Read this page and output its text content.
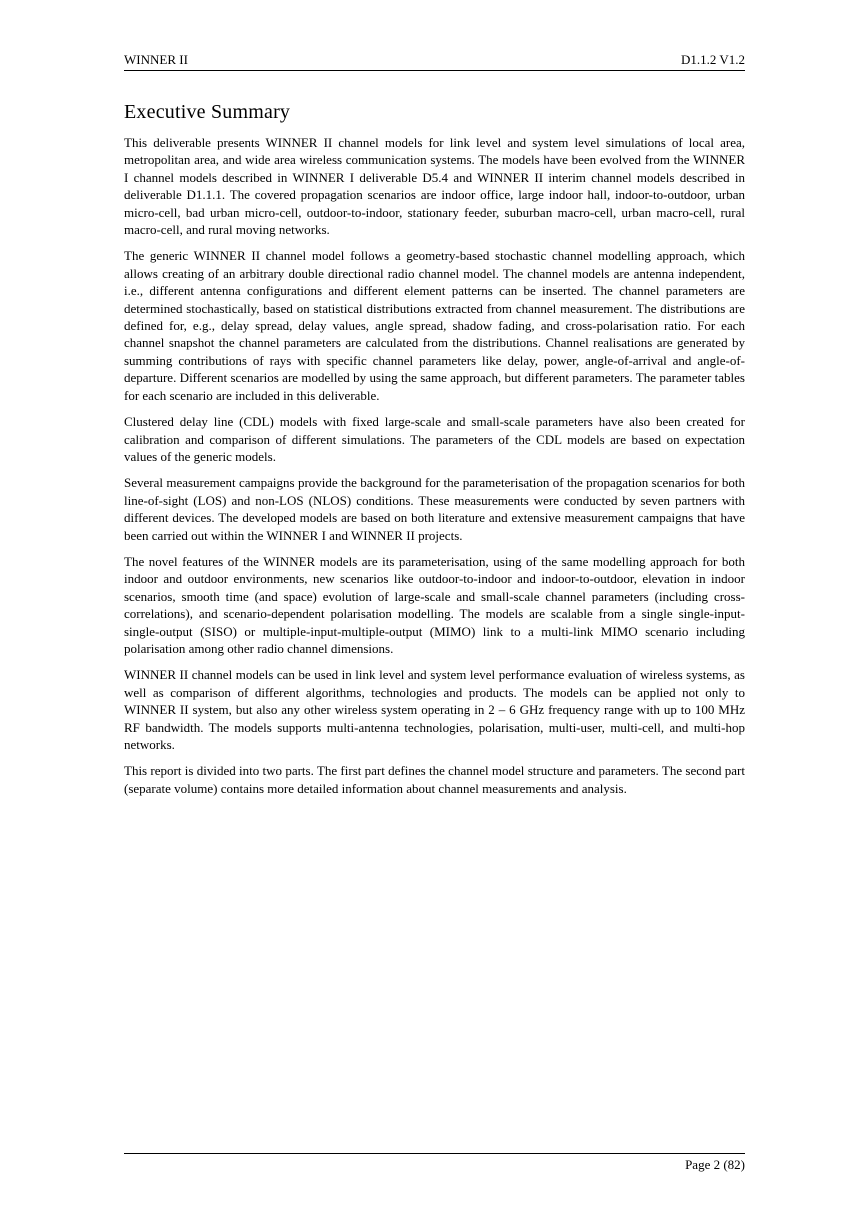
WINNER II	D1.1.2 V1.2
Executive Summary

This deliverable presents WINNER II channel models for link level and system level simulations of local area, metropolitan area, and wide area wireless communication systems. The models have been evolved from the WINNER I channel models described in WINNER I deliverable D5.4 and WINNER II interim channel models described in deliverable D1.1.1. The covered propagation scenarios are indoor office, large indoor hall, indoor-to-outdoor, urban micro-cell, bad urban micro-cell, outdoor-to-indoor, stationary feeder, suburban macro-cell, urban macro-cell, rural macro-cell, and rural moving networks.

The generic WINNER II channel model follows a geometry-based stochastic channel modelling approach, which allows creating of an arbitrary double directional radio channel model. The channel models are antenna independent, i.e., different antenna configurations and different element patterns can be inserted. The channel parameters are determined stochastically, based on statistical distributions extracted from channel measurement. The distributions are defined for, e.g., delay spread, delay values, angle spread, shadow fading, and cross-polarisation ratio. For each channel snapshot the channel parameters are calculated from the distributions. Channel realisations are generated by summing contributions of rays with specific channel parameters like delay, power, angle-of-arrival and angle-of-departure. Different scenarios are modelled by using the same approach, but different parameters. The parameter tables for each scenario are included in this deliverable.

Clustered delay line (CDL) models with fixed large-scale and small-scale parameters have also been created for calibration and comparison of different simulations. The parameters of the CDL models are based on expectation values of the generic models.

Several measurement campaigns provide the background for the parameterisation of the propagation scenarios for both line-of-sight (LOS) and non-LOS (NLOS) conditions. These measurements were conducted by seven partners with different devices. The developed models are based on both literature and extensive measurement campaigns that have been carried out within the WINNER I and WINNER II projects.

The novel features of the WINNER models are its parameterisation, using of the same modelling approach for both indoor and outdoor environments, new scenarios like outdoor-to-indoor and indoor-to-outdoor, elevation in indoor scenarios, smooth time (and space) evolution of large-scale and small-scale channel parameters (including cross-correlations), and scenario-dependent polarisation modelling. The models are scalable from a single single-input-single-output (SISO) or multiple-input-multiple-output (MIMO) link to a multi-link MIMO scenario including polarisation among other radio channel dimensions.

WINNER II channel models can be used in link level and system level performance evaluation of wireless systems, as well as comparison of different algorithms, technologies and products. The models can be applied not only to WINNER II system, but also any other wireless system operating in 2 – 6 GHz frequency range with up to 100 MHz RF bandwidth. The models supports multi-antenna technologies, polarisation, multi-user, multi-cell, and multi-hop networks.

This report is divided into two parts. The first part defines the channel model structure and parameters. The second part (separate volume) contains more detailed information about channel measurements and analysis.

Page 2 (82)
